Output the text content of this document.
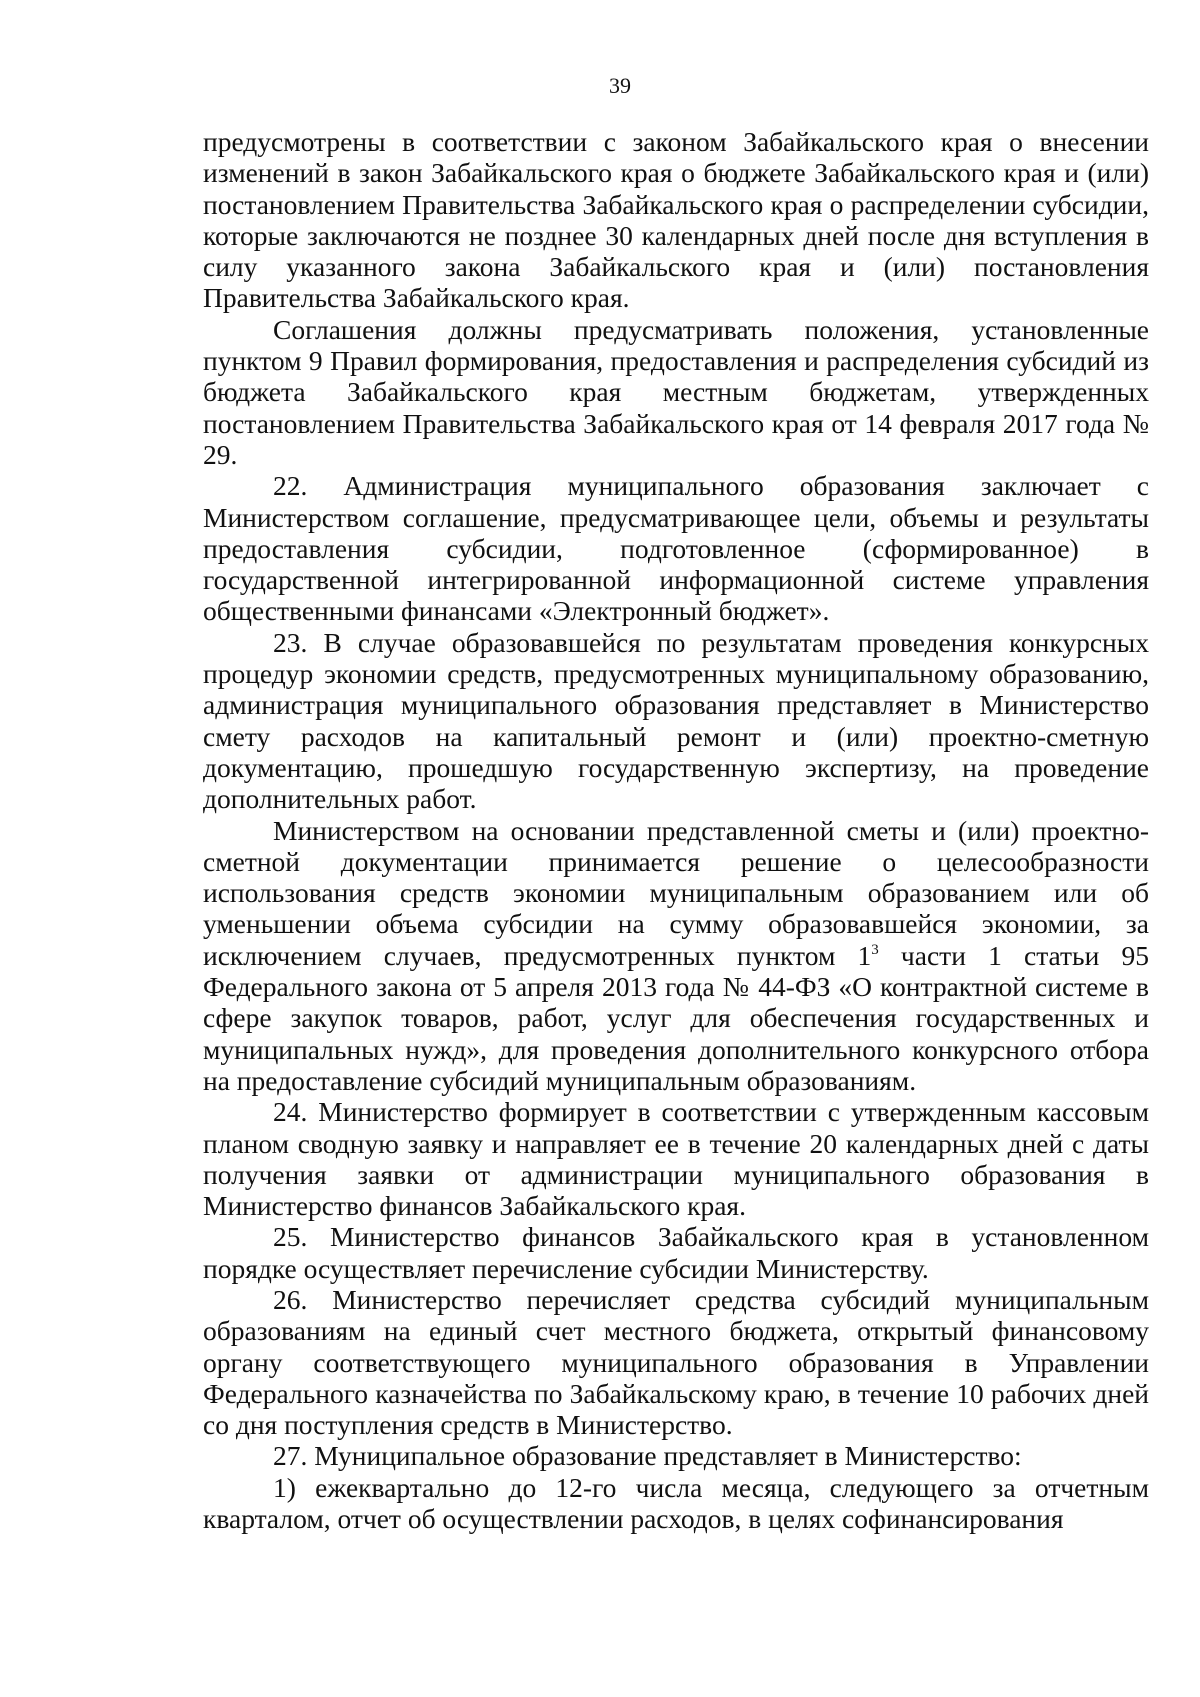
39

предусмотрены в соответствии с законом Забайкальского края о внесении изменений в закон Забайкальского края о бюджете Забайкальского края и (или) постановлением Правительства Забайкальского края о распределении субсидии, которые заключаются не позднее 30 календарных дней после дня вступления в силу указанного закона Забайкальского края и (или) постановления Правительства Забайкальского края.

Соглашения должны предусматривать положения, установленные пунктом 9 Правил формирования, предоставления и распределения субсидий из бюджета Забайкальского края местным бюджетам, утвержденных постановлением Правительства Забайкальского края от 14 февраля 2017 года № 29.

22. Администрация муниципального образования заключает с Министерством соглашение, предусматривающее цели, объемы и результаты предоставления субсидии, подготовленное (сформированное) в государственной интегрированной информационной системе управления общественными финансами «Электронный бюджет».

23. В случае образовавшейся по результатам проведения конкурсных процедур экономии средств, предусмотренных муниципальному образованию, администрация муниципального образования представляет в Министерство смету расходов на капитальный ремонт и (или) проектно-сметную документацию, прошедшую государственную экспертизу, на проведение дополнительных работ.

Министерством на основании представленной сметы и (или) проектно-сметной документации принимается решение о целесообразности использования средств экономии муниципальным образованием или об уменьшении объема субсидии на сумму образовавшейся экономии, за исключением случаев, предусмотренных пунктом $1^3$ части 1 статьи 95 Федерального закона от 5 апреля 2013 года № 44-ФЗ «О контрактной системе в сфере закупок товаров, работ, услуг для обеспечения государственных и муниципальных нужд», для проведения дополнительного конкурсного отбора на предоставление субсидий муниципальным образованиям.

24. Министерство формирует в соответствии с утвержденным кассовым планом сводную заявку и направляет ее в течение 20 календарных дней с даты получения заявки от администрации муниципального образования в Министерство финансов Забайкальского края.

25. Министерство финансов Забайкальского края в установленном порядке осуществляет перечисление субсидии Министерству.

26. Министерство перечисляет средства субсидий муниципальным образованиям на единый счет местного бюджета, открытый финансовому органу соответствующего муниципального образования в Управлении Федерального казначейства по Забайкальскому краю, в течение 10 рабочих дней со дня поступления средств в Министерство.

27. Муниципальное образование представляет в Министерство:

1) ежеквартально до 12-го числа месяца, следующего за отчетным кварталом, отчет об осуществлении расходов, в целях софинансирования
